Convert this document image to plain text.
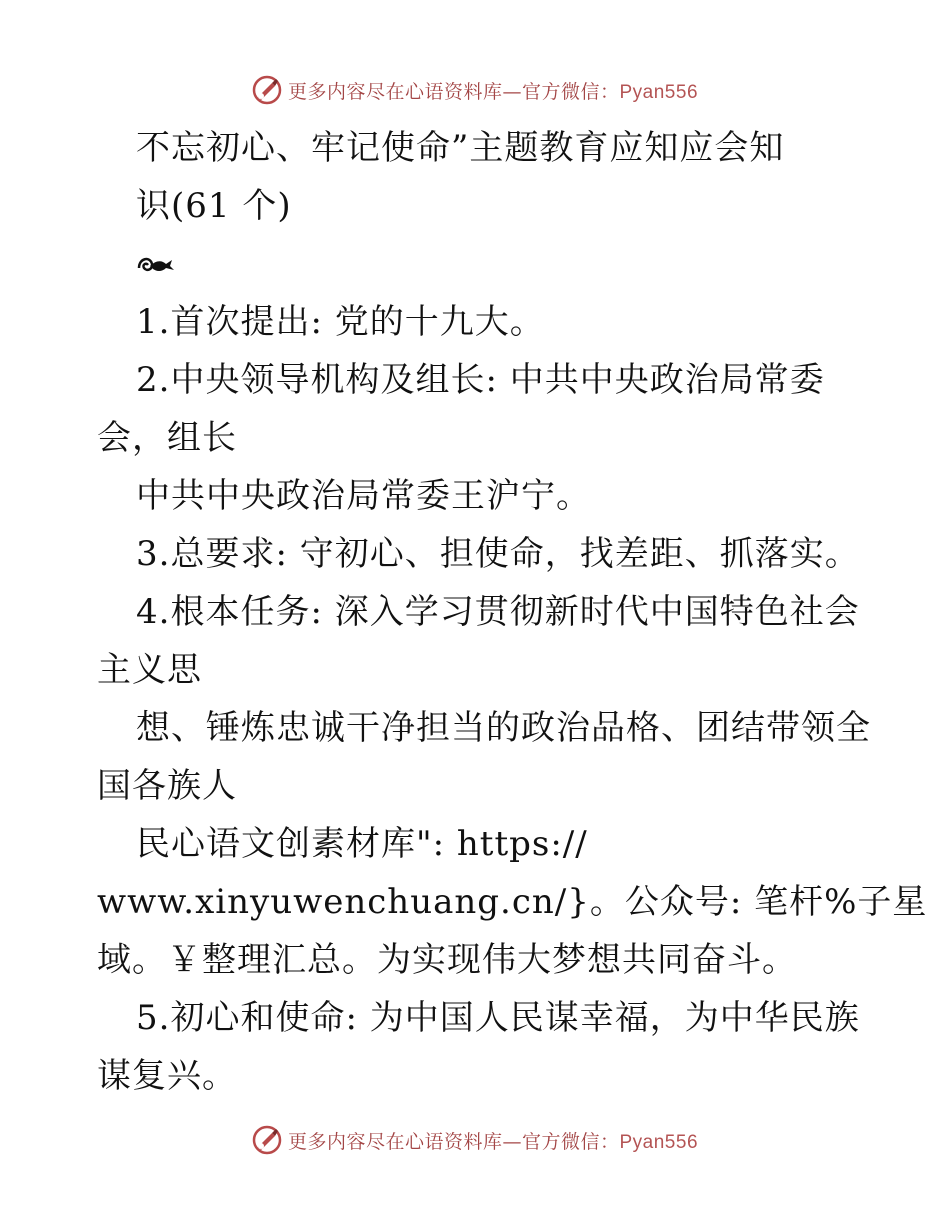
更多内容尽在心语资料库—官方微信：Pyan556
不忘初心、牢记使命”主题教育应知应会知
识(61 个)
1.首次提出: 党的十九大。
2.中央领导机构及组长: 中共中央政治局常委
会，组长
中共中央政治局常委王沪宁。
3.总要求: 守初心、担使命，找差距、抓落实。
4.根本任务: 深入学习贯彻新时代中国特色社会
主义思
想、锤炼忠诚干净担当的政治品格、团结带领全
国各族人
民心语文创素材库": https://
www.xinyuwenchuang.cn/}。公众号: 笔杆%子星
域。￥整理汇总。为实现伟大梦想共同奋斗。
5.初心和使命: 为中国人民谋幸福，为中华民族
谋复兴。
更多内容尽在心语资料库—官方微信：Pyan556
